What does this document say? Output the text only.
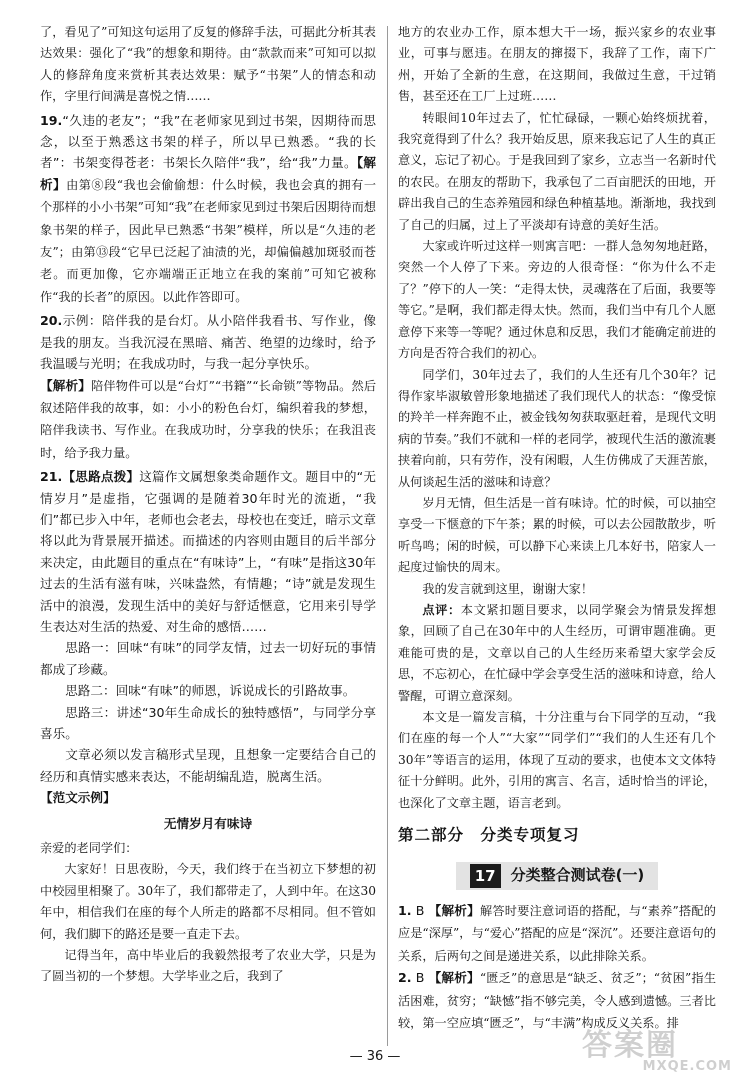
了，看见了”可知这句运用了反复的修辞手法，可据此分析其表达效果：强化了“我”的想象和期待。由“款款而来”可知可以拟人的修辞角度来赏析其表达效果：赋予“书架”人的情态和动作，字里行间满是喜悦之情……

19.“久违的老友”；“我”在老师家见到过书架，因期待而思念，以至于熟悉这书架的样子，所以早已熟悉。“我的长者”：书架变得苍老：书架长久陪伴“我”，给“我”力量。【解析】由第⑧段“我也会偷偷想：什么时候，我也会真的拥有一个那样的小小书架”可知“我”在老师家见到过书架后因期待而想象书架的样子，因此早已熟悉“书架”模样，所以是“久违的老友”；由第⑬段“它早已泛起了油渍的光，却偏偏越加斑驳而苍老。而更加像，它亦端端正正地立在我的案前”可知它被称作“我的长者”的原因。以此作答即可。

20.示例：陪伴我的是台灯。从小陪伴我看书、写作业，像是我的朋友。当我沉浸在黑暗、痛苦、绝望的边缘时，给予我温暖与光明；在我成功时，与我一起分享快乐。
【解析】陪伴物件可以是“台灯”“书籍”“长命锁”等物品。然后叙述陪伴我的故事，如：小小的粉色台灯，编织着我的梦想，陪伴我读书、写作业。在我成功时，分享我的快乐；在我沮丧时，给予我力量。

21.【思路点拨】这篇作文属想象类命题作文。题目中的“无情岁月”是虚指，它强调的是随着30年时光的流逝，“我们”都已步入中年，老师也会老去，母校也在变迁，暗示文章将以此为背景展开描述。而描述的内容则由题目的后半部分来决定，由此题目的重点在“有味诗”上，“有味”是指这30年过去的生活有滋有味，兴味盎然，有情趣；“诗”就是发现生活中的浪漫，发现生活中的美好与舒适惬意，它用来引导学生表达对生活的热爱、对生命的感悟……

思路一：回味“有味”的同学友情，过去一切好玩的事情都成了珍藏。

思路二：回味“有味”的师恩，诉说成长的引路故事。

思路三：讲述“30年生命成长的独特感悟”，与同学分享喜乐。

文章必须以发言稿形式呈现，且想象一定要结合自己的经历和真情实感来表达，不能胡编乱造，脱离生活。

【范文示例】

无情岁月有味诗

亲爱的老同学们：

大家好！日思夜盼，今天，我们终于在当初立下梦想的初中校园里相聚了。30年了，我们都带走了，人到中年。在这30年中，相信我们在座的每个人所走的路都不尽相同。但不管如何，我们脚下的路还是要一直走下去。

记得当年，高中毕业后的我毅然报考了农业大学，只是为了圆当初的一个梦想。大学毕业之后，我到了

地方的农业办工作，原本想大干一场，振兴家乡的农业事业，可事与愿违。在朋友的撺掇下，我辞了工作，南下广州，开始了全新的生意，在这期间，我做过生意，干过销售，甚至还在工厂上过班……

转眼间10年过去了，忙忙碌碌，一颗心始终烦扰着，我究竟得到了什么？我开始反思，原来我忘记了人生的真正意义，忘记了初心。于是我回到了家乡，立志当一名新时代的农民。在朋友的帮助下，我承包了二百亩肥沃的田地，开辟出我自己的生态养殖园和绿色种植基地。渐渐地，我找到了自己的归属，过上了平淡却有诗意的美好生活。

大家或许听过这样一则寓言吧：一群人急匆匆地赶路，突然一个人停了下来。旁边的人很奇怪：“你为什么不走了？”停下的人一笑：“走得太快，灵魂落在了后面，我要等等它。”是啊，我们都走得太快。然而，我们当中有几个人愿意停下来等一等呢？通过休息和反思，我们才能确定前进的方向是否符合我们的初心。

同学们，30年过去了，我们的人生还有几个30年？记得作家毕淑敏曾形象地描述了我们现代人的状态：“像受惊的羚羊一样奔跑不止，被金钱匆匆获取驱赶着，是现代文明病的节奏。”我们不就和一样的老同学，被现代生活的激流裹挟着向前，只有劳作，没有闲暇，人生仿佛成了天涯苦旅，从何谈起生活的滋味和诗意？

岁月无情，但生活是一首有味诗。忙的时候，可以抽空享受一下惬意的下午茶；累的时候，可以去公园散散步，听听鸟鸣；闲的时候，可以静下心来读上几本好书，陪家人一起度过愉快的周末。

我的发言就到这里，谢谢大家！

点评：本文紧扣题目要求，以同学聚会为情景发挥想象，回顾了自己在30年中的人生经历，可谓审题准确。更难能可贵的是，文章以自己的人生经历来希望大家学会反思，不忘初心，在忙碌中学会享受生活的滋味和诗意，给人警醒，可谓立意深刻。

本文是一篇发言稿，十分注重与台下同学的互动，“我们在座的每一个人”“大家”“同学们”“我们的人生还有几个30年”等语言的运用，体现了互动的要求，也使本文文体特征十分鲜明。此外，引用的寓言、名言，适时恰当的评论，也深化了文章主题，语言老到。

第二部分　分类专项复习
17	分类整合测试卷(一)

1. B 【解析】解答时要注意词语的搭配，与“素养”搭配的应是“深厚”，与“爱心”搭配的应是“深沉”。还要注意语句的关系，后两句之间是递进关系，以此排除关系。

2. B 【解析】“匮乏”的意思是“缺乏、贫乏”；“贫困”指生活困难，贫穷；“缺憾”指不够完美，令人感到遗憾。三者比较，第一空应填“匮乏”，与“丰满”构成反义关系。排

— 36 —	答案圈
MXQE.COM
